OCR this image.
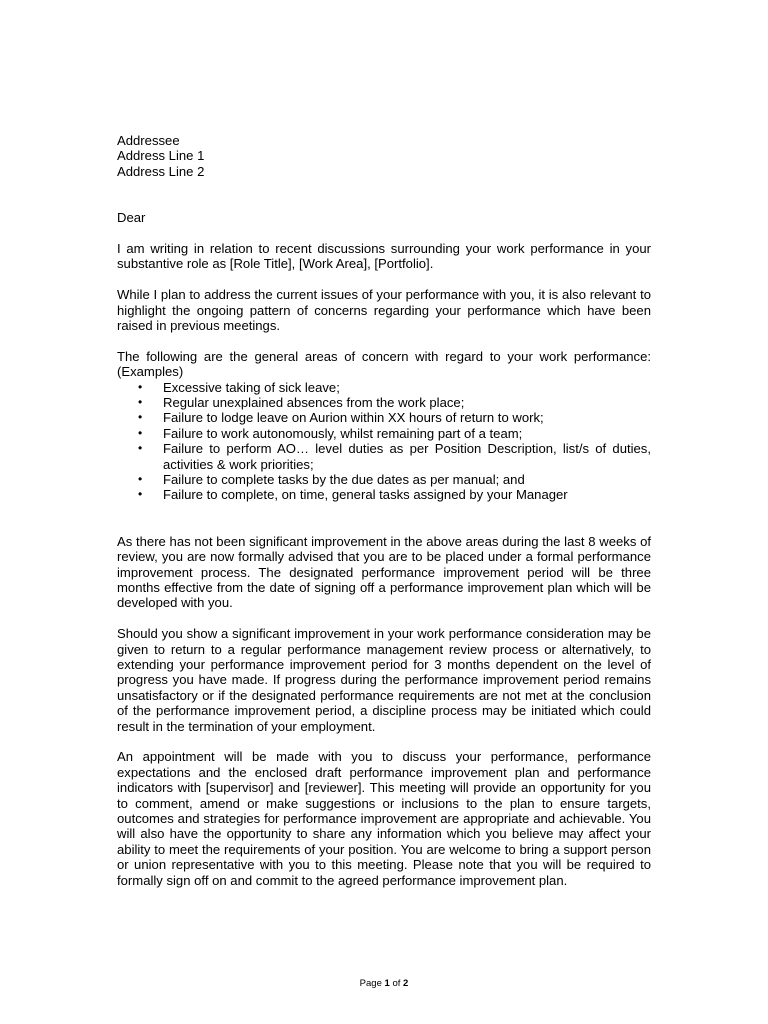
Addressee
Address Line 1
Address Line 2
Dear

I am writing in relation to recent discussions surrounding your work performance in your substantive role as [Role Title], [Work Area], [Portfolio].

While I plan to address the current issues of your performance with you, it is also relevant to highlight the ongoing pattern of concerns regarding your performance which have been raised in previous meetings.

The following are the general areas of concern with regard to your work performance: (Examples)

• Excessive taking of sick leave;
• Regular unexplained absences from the work place;
• Failure to lodge leave on Aurion within XX hours of return to work;
• Failure to work autonomously, whilst remaining part of a team;
• Failure to perform AO… level duties as per Position Description, list/s of duties, activities & work priorities;
• Failure to complete tasks by the due dates as per manual; and
• Failure to complete, on time, general tasks assigned by your Manager

As there has not been significant improvement in the above areas during the last 8 weeks of review, you are now formally advised that you are to be placed under a formal performance improvement process. The designated performance improvement period will be three months effective from the date of signing off a performance improvement plan which will be developed with you.

Should you show a significant improvement in your work performance consideration may be given to return to a regular performance management review process or alternatively, to extending your performance improvement period for 3 months dependent on the level of progress you have made. If progress during the performance improvement period remains unsatisfactory or if the designated performance requirements are not met at the conclusion of the performance improvement period, a discipline process may be initiated which could result in the termination of your employment.

An appointment will be made with you to discuss your performance, performance expectations and the enclosed draft performance improvement plan and performance indicators with [supervisor] and [reviewer]. This meeting will provide an opportunity for you to comment, amend or make suggestions or inclusions to the plan to ensure targets, outcomes and strategies for performance improvement are appropriate and achievable. You will also have the opportunity to share any information which you believe may affect your ability to meet the requirements of your position. You are welcome to bring a support person or union representative with you to this meeting. Please note that you will be required to formally sign off on and commit to the agreed performance improvement plan.

Page 1 of 2
